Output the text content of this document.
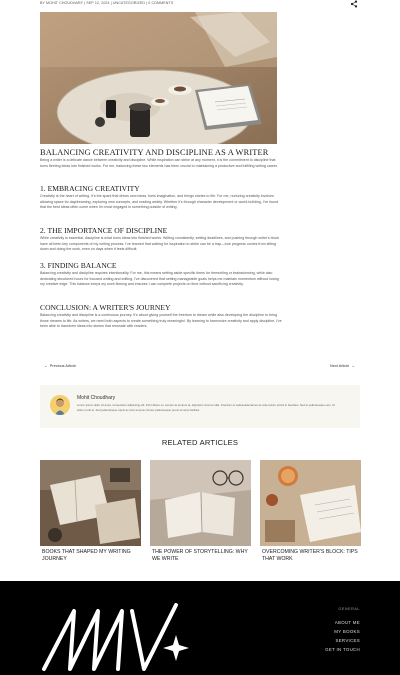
BY MOHIT CHOUDHARY | SEP 12, 2024 | UNCATEGORIZED | 0 COMMENTS
BALANCING CREATIVITY AND DISCIPLINE AS A WRITER
Being a writer is a delicate dance between creativity and discipline. While inspiration can strike at any moment, it is the commitment to discipline that turns fleeting ideas into finished works. For me, balancing these two elements has been crucial to maintaining a productive and fulfilling writing career.
1. EMBRACING CREATIVITY
Creativity is the heart of writing. It's the spark that drives new ideas, fuels imagination, and brings stories to life. For me, nurturing creativity involves allowing space for daydreaming, exploring new concepts, and reading widely. Whether it's through character development or world-building, I've found that the best ideas often come when I'm most engaged in something outside of writing.
2. THE IMPORTANCE OF DISCIPLINE
While creativity is essential, discipline is what turns ideas into finished works. Writing consistently, setting deadlines, and pushing through writer's block have all been key components of my writing process. I've learned that waiting for inspiration to strike can be a trap—true progress comes from sitting down and doing the work, even on days when it feels difficult.
3. FINDING BALANCE
Balancing creativity and discipline requires intentionality. For me, this means setting aside specific times for freewriting or brainstorming, while also dedicating structured hours for focused writing and editing. I've discovered that setting manageable goals helps me maintain momentum without losing my creative edge. This balance keeps my work flowing and ensures I can complete projects on time without sacrificing creativity.
CONCLUSION: A WRITER'S JOURNEY
Balancing creativity and discipline is a continuous journey. It's about giving yourself the freedom to dream while also developing the discipline to bring those dreams to life. As writers, we need both aspects to create something truly meaningful. By learning to harmonize creativity and apply discipline, I've been able to transform ideas into stories that resonate with readers.
← Previous Article	Next Article →
Mohit Choudhary
Lorem ipsum dolor sit amet, consectetur adipiscing elit. Proin libero ex, tempor at tempus at, dignissim viverra nulla. Interdum et malesuada fames ac ante ipsum primis in faucibus. Sed et pellentesque sem. Ut tellus ut elit et. Sed pellentesque turpis ac arcu tempus, Donec pellentesque purus sit amet facilisis.
RELATED ARTICLES
BOOKS THAT SHAPED MY WRITING JOURNEY
THE POWER OF STORYTELLING: WHY WE WRITE
OVERCOMING WRITER'S BLOCK: TIPS THAT WORK
GENERAL
ABOUT ME
MY BOOKS
SERVICES
GET IN TOUCH
